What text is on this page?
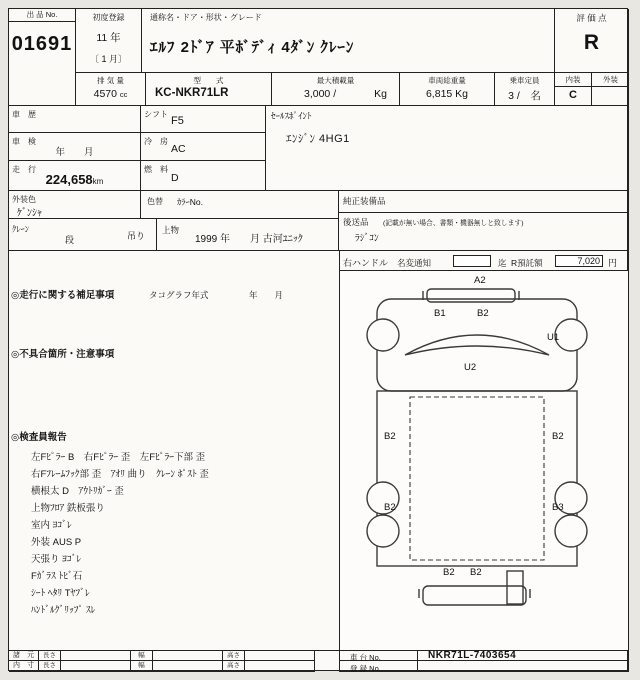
出 品 No.
01691
初度登録
11 年
〔 1 月〕
通称名・ドア・形状・グレード
ｴﾙﾌ 2ﾄﾞｱ 平ﾎﾞﾃﾞｨ 4ﾀﾞﾝ ｸﾚｰﾝ
評 価 点
R
排 気 量
4570 cc
型　　式
KC-NKR71LR
最大積載量
3,000 /	Kg
車両総重量
6,815 Kg
乗車定員
3 /　名
内装	外装
C
車　歴	シフト
F5
車　検
年　　月
冷　房
AC
走　行
224,658km
燃　料
D
外装色
ｹﾞﾝｼｬ
色替 ｶﾗｰNo.
ｸﾚｰﾝ
段	吊り
上物
1999 年　　月 古河ﾕﾆｯｸ
ｾｰﾙｽﾎﾟｲﾝﾄ
ｴﾝｼﾞﾝ 4HG1
純正装備品
後送品 (記載が無い場合、書類・機器無しと致します)
ﾗｼﾞｺﾝ
右ハンドル 名変通知	迄 R預託額	7,020 円
◎走行に関する補足事項	タコグラフ年式	年　　月
◎不具合箇所・注意事項
◎検査員報告
左Fﾋﾟﾗｰ B　右Fﾋﾟﾗｰ 歪　左Fﾋﾟﾗｰ下部 歪
右Fﾌﾚｰﾑﾌｯｸ部 歪　ｱｵﾘ 曲り　ｸﾚｰﾝ ﾎﾟｽﾄ 歪
横根太 D　ｱｳﾄﾘｶﾞｰ 歪
上物ﾌﾛｱ 鉄板張り
室内 ﾖｺﾞﾚ
外装 AUS P
天張り ﾖｺﾞﾚ
Fｶﾞﾗｽ ﾄﾋﾞ石
ｼｰﾄ ﾍﾀﾘ Tﾔﾌﾞﾚ
ﾊﾝﾄﾞﾙｸﾞﾘｯﾌﾟ ｽﾚ
A2
B1	B2
U1
U2
B2	B2
B2	B3
B2 B2
諸　元	長さ	幅	高さ
内　寸	長さ	幅	高さ
車 台 No.	NKR71L-7403654
登 録 No.
